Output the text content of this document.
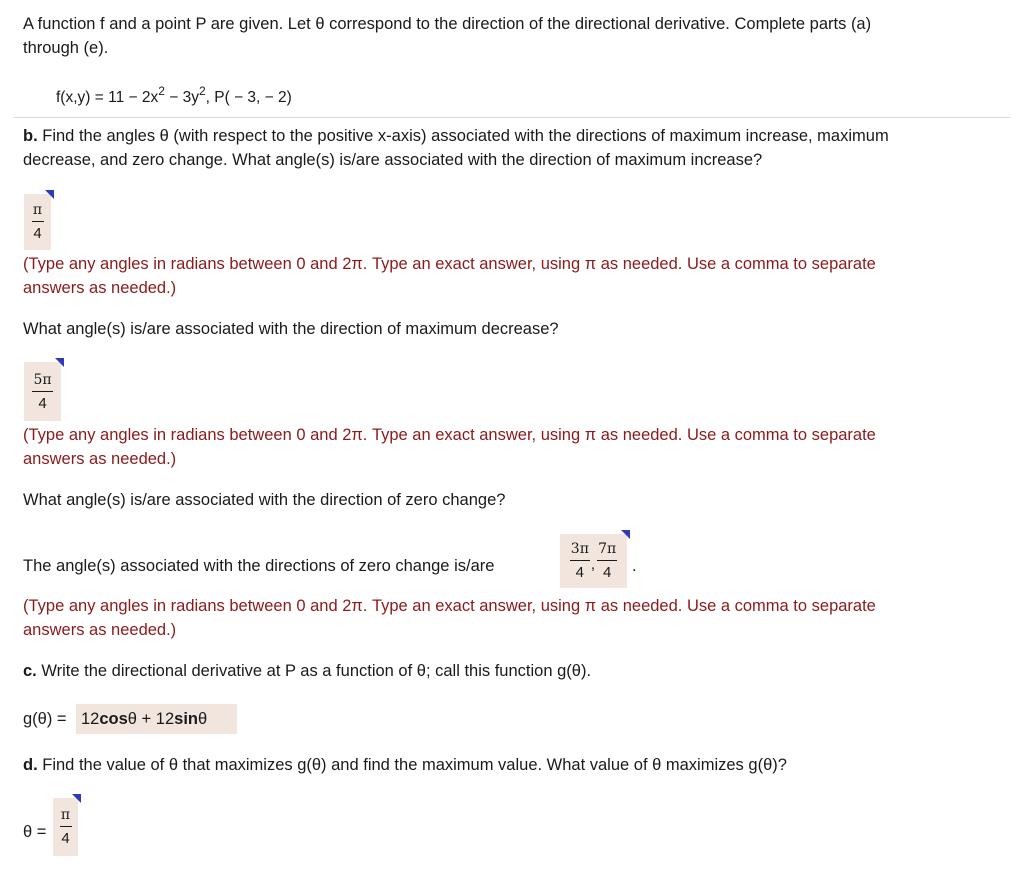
A function f and a point P are given. Let θ correspond to the direction of the directional derivative. Complete parts (a)
through (e).
$f(x,y) = 11 - 2x^2 - 3y^2$, P( − 3, − 2)
b. Find the angles θ (with respect to the positive x-axis) associated with the directions of maximum increase, maximum
decrease, and zero change. What angle(s) is/are associated with the direction of maximum increase?
$\frac{\pi}{4}$
(Type any angles in radians between 0 and 2π. Type an exact answer, using π as needed. Use a comma to separate
answers as needed.)
What angle(s) is/are associated with the direction of maximum decrease?
$\frac{5\pi}{4}$
(Type any angles in radians between 0 and 2π. Type an exact answer, using π as needed. Use a comma to separate
answers as needed.)
What angle(s) is/are associated with the direction of zero change?
The angle(s) associated with the directions of zero change is/are	$\frac{3\pi}{4}$ , $\frac{7\pi}{4}$ .
(Type any angles in radians between 0 and 2π. Type an exact answer, using π as needed. Use a comma to separate
answers as needed.)
c. Write the directional derivative at P as a function of θ; call this function g(θ).
g(θ) = 12 cos θ + 12 sin θ
d. Find the value of θ that maximizes g(θ) and find the maximum value. What value of θ maximizes g(θ)?
$\theta = \frac{\pi}{4}$
